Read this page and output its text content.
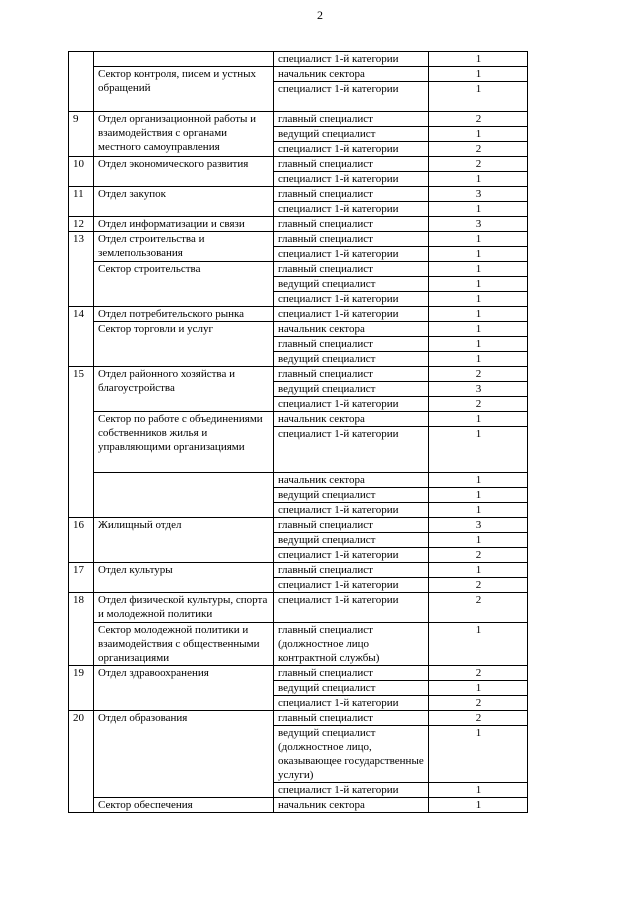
2
		специалист 1-й категории	1
	Сектор контроля, писем и устных обращений	начальник сектора	1
		специалист 1-й категории	1
9	Отдел организационной работы и взаимодействия с органами местного самоуправления	главный специалист	2
		ведущий специалист	1
		специалист 1-й категории	2
10	Отдел экономического развития	главный специалист	2
		специалист 1-й категории	1
11	Отдел закупок	главный специалист	3
		специалист 1-й категории	1
12	Отдел информатизации и связи	главный специалист	3
13	Отдел строительства и землепользования	главный специалист	1
		специалист 1-й категории	1
	Сектор строительства	главный специалист	1
		ведущий специалист	1
		специалист 1-й категории	1
14	Отдел потребительского рынка	специалист 1-й категории	1
	Сектор торговли и услуг	начальник сектора	1
		главный специалист	1
		ведущий специалист	1
15	Отдел районного хозяйства и благоустройства	главный специалист	2
		ведущий специалист	3
		специалист 1-й категории	2
	Сектор по работе с объединениями собственников жилья и управляющими организациями	начальник сектора	1
		специалист 1-й категории	1
		начальник сектора	1
		ведущий специалист	1
		специалист 1-й категории	1
16	Жилищный отдел	главный специалист	3
		ведущий специалист	1
		специалист 1-й категории	2
17	Отдел культуры	главный специалист	1
		специалист 1-й категории	2
18	Отдел физической культуры, спорта и молодежной политики	специалист 1-й категории	2
	Сектор молодежной политики и взаимодействия с общественными организациями	главный специалист (должностное лицо контрактной службы)	1
19	Отдел здравоохранения	главный специалист	2
		ведущий специалист	1
		специалист 1-й категории	2
20	Отдел образования	главный специалист	2
		ведущий специалист (должностное лицо, оказывающее государственные услуги)	1
		специалист 1-й категории	1
	Сектор обеспечения	начальник сектора	1
